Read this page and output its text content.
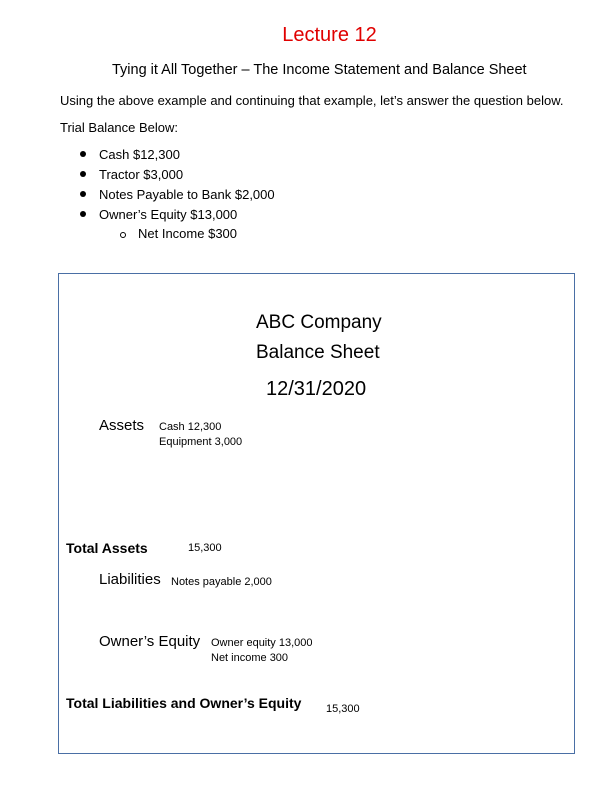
Lecture 12
Tying it All Together – The Income Statement and Balance Sheet
Using the above example and continuing that example, let’s answer the question below.
Trial Balance Below:
Cash $12,300
Tractor $3,000
Notes Payable to Bank $2,000
Owner’s Equity $13,000
Net Income $300
ABC Company
Balance Sheet
12/31/2020
Assets Cash 12,300
Equipment 3,000
Total Assets	15,300
Liabilities Notes payable 2,000
Owner’s Equity Owner equity 13,000
Net income 300
Total Liabilities and Owner’s Equity 15,300
